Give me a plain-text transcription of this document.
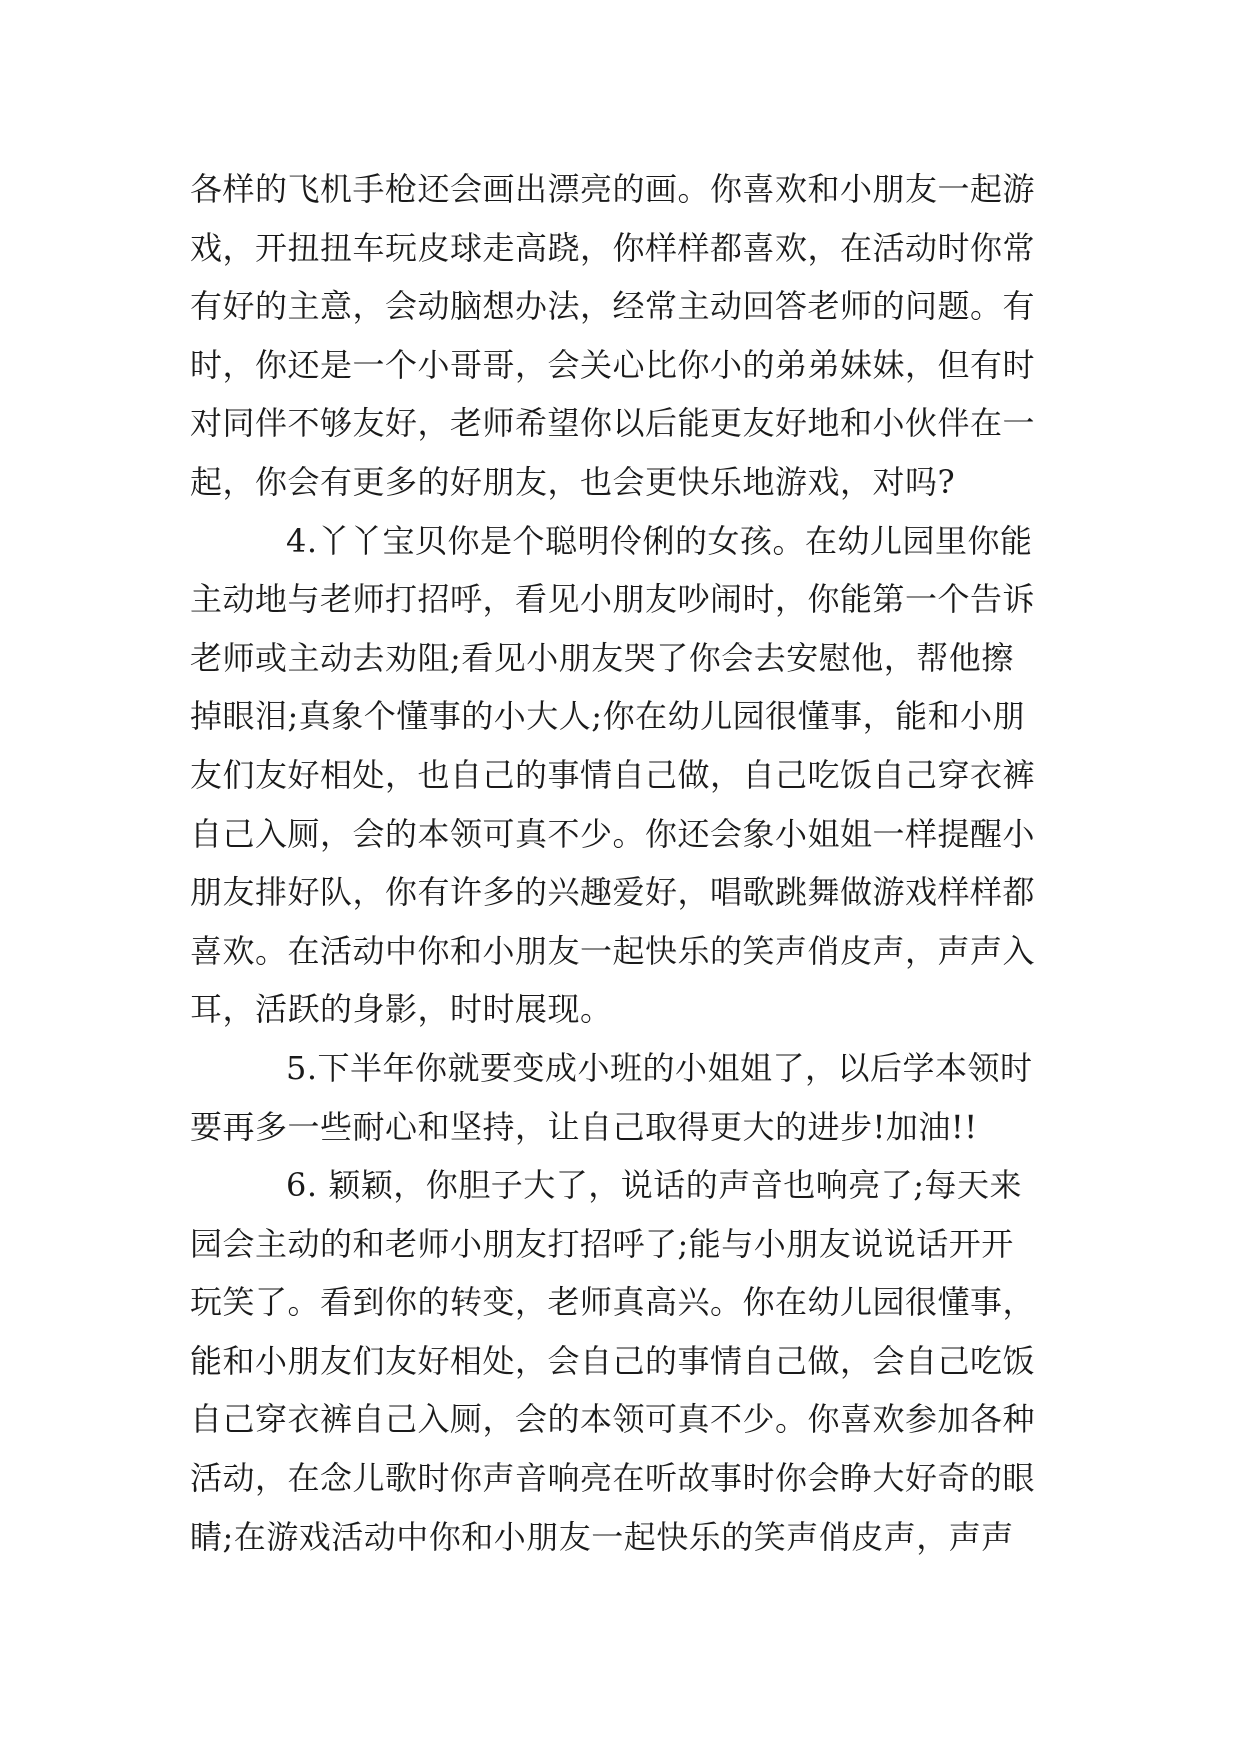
各样的飞机手枪还会画出漂亮的画。你喜欢和小朋友一起游
戏，开扭扭车玩皮球走高跷，你样样都喜欢，在活动时你常
有好的主意，会动脑想办法，经常主动回答老师的问题。有
时，你还是一个小哥哥，会关心比你小的弟弟妹妹，但有时
对同伴不够友好，老师希望你以后能更友好地和小伙伴在一
起，你会有更多的好朋友，也会更快乐地游戏，对吗?
4.丫丫宝贝你是个聪明伶俐的女孩。在幼儿园里你能
主动地与老师打招呼，看见小朋友吵闹时，你能第一个告诉
老师或主动去劝阻;看见小朋友哭了你会去安慰他，帮他擦
掉眼泪;真象个懂事的小大人;你在幼儿园很懂事，能和小朋
友们友好相处，也自己的事情自己做，自己吃饭自己穿衣裤
自己入厕，会的本领可真不少。你还会象小姐姐一样提醒小
朋友排好队，你有许多的兴趣爱好，唱歌跳舞做游戏样样都
喜欢。在活动中你和小朋友一起快乐的笑声俏皮声，声声入
耳，活跃的身影，时时展现。
5.下半年你就要变成小班的小姐姐了，以后学本领时
要再多一些耐心和坚持，让自己取得更大的进步!加油!!
6. 颖颖，你胆子大了，说话的声音也响亮了;每天来
园会主动的和老师小朋友打招呼了;能与小朋友说说话开开
玩笑了。看到你的转变，老师真高兴。你在幼儿园很懂事，
能和小朋友们友好相处，会自己的事情自己做，会自己吃饭
自己穿衣裤自己入厕，会的本领可真不少。你喜欢参加各种
活动，在念儿歌时你声音响亮在听故事时你会睁大好奇的眼
睛;在游戏活动中你和小朋友一起快乐的笑声俏皮声，声声
